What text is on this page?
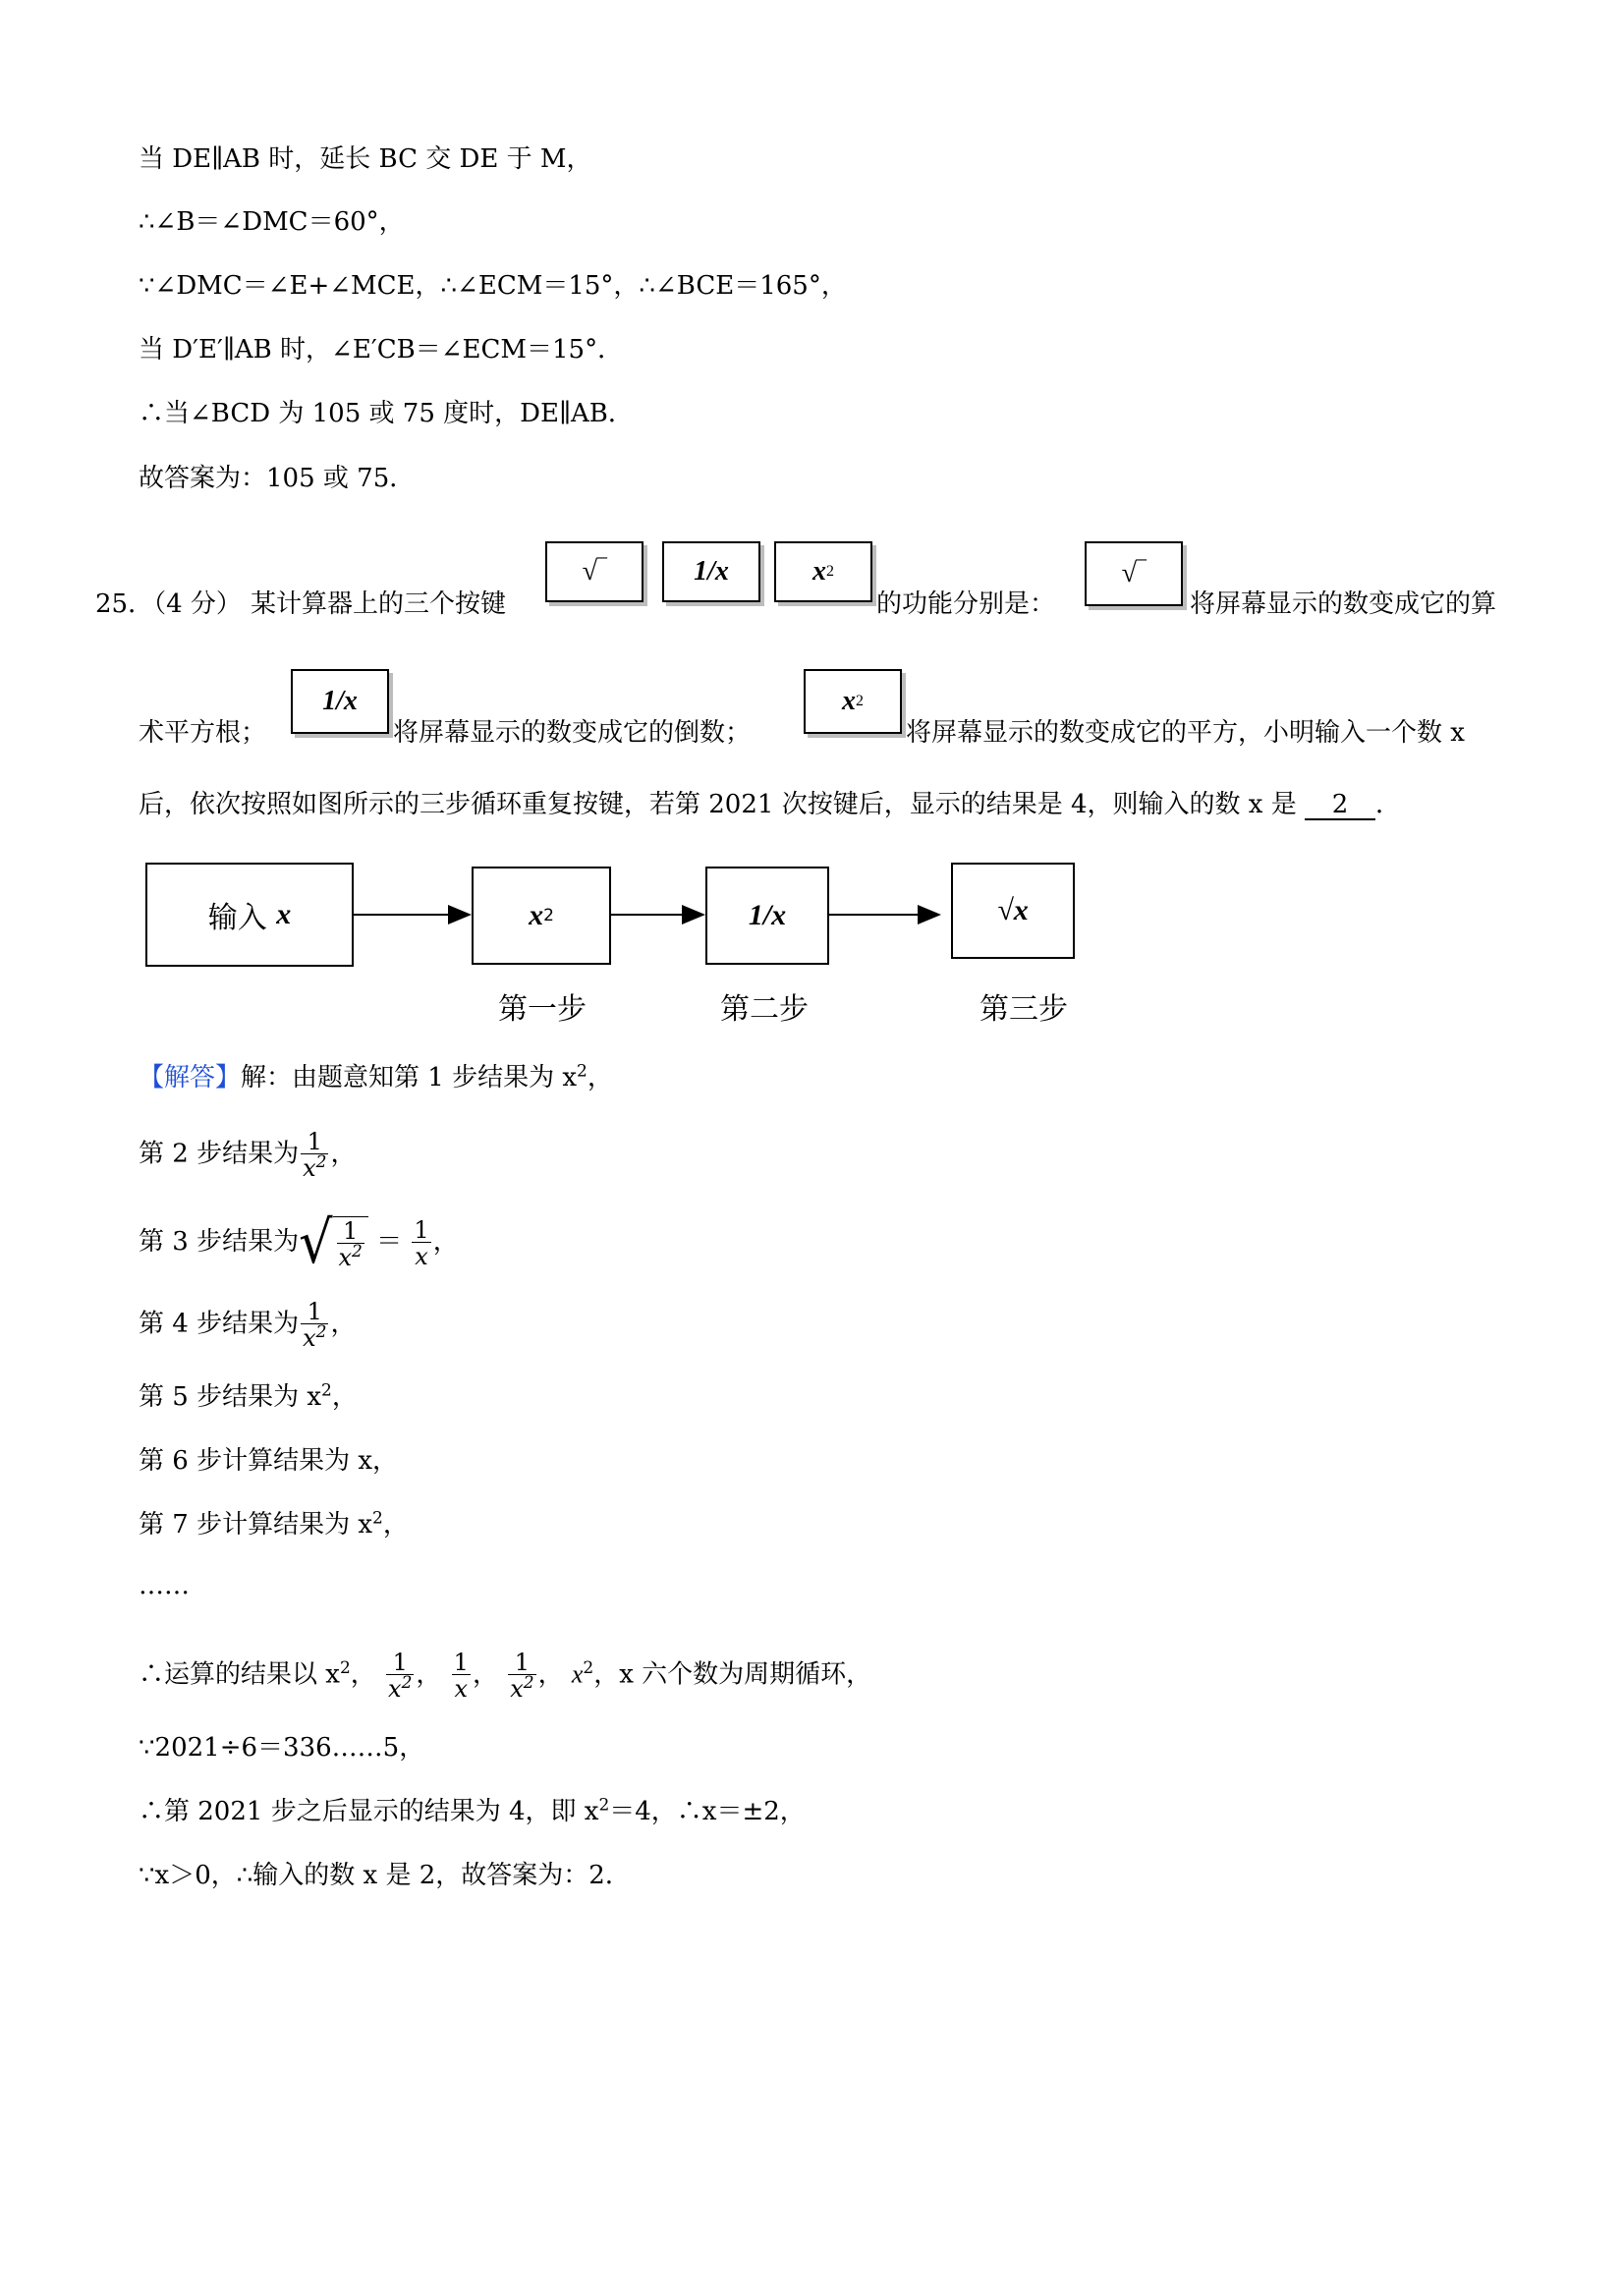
当 DE∥AB 时，延长 BC 交 DE 于 M，
∴∠B＝∠DMC＝60°，
∵∠DMC＝∠E+∠MCE，∴∠ECM＝15°，∴∠BCE＝165°，
当 D′E′∥AB 时，∠E′CB＝∠ECM＝15°．
∴当∠BCD 为 105 或 75 度时，DE∥AB．
故答案为：105 或 75．
25．（4 分） 某计算器上的三个按键
√‾	1/x	x 2
的功能分别是：
√‾
将屏幕显示的数变成它的算
术平方根；
1/x
将屏幕显示的数变成它的倒数；
x 2
将屏幕显示的数变成它的平方，小明输入一个数 x
后，依次按照如图所示的三步循环重复按键，若第 2021 次按键后，显示的结果是 4，则输入的数 x 是 2 ．
输入
x	x 2	1/x	√x
第一步	第二步	第三步
【解答】解：由题意知第 1 步结果为 $x^2$，
第 2 步结果为 $\frac{1}{x^2}$ ，
第 3 步结果为 √ $\frac{1}{x^2} = \frac{1}{x}$ ，
第 4 步结果为 $\frac{1}{x^2}$ ，
第 5 步结果为 $x^2$，
第 6 步计算结果为 x，
第 7 步计算结果为 $x^2$，
……
∴运算的结果以 $x^2$， $\frac{1}{x^2}$ ， $\frac{1}{x}$ ， $\frac{1}{x^2}$ ， $x^2$，x 六个数为周期循环，
∵2021÷6＝336……5，
∴第 2021 步之后显示的结果为 4，即 $x^2=4$，∴x＝±2，
∵x＞0，∴输入的数 x 是 2，故答案为：2．
